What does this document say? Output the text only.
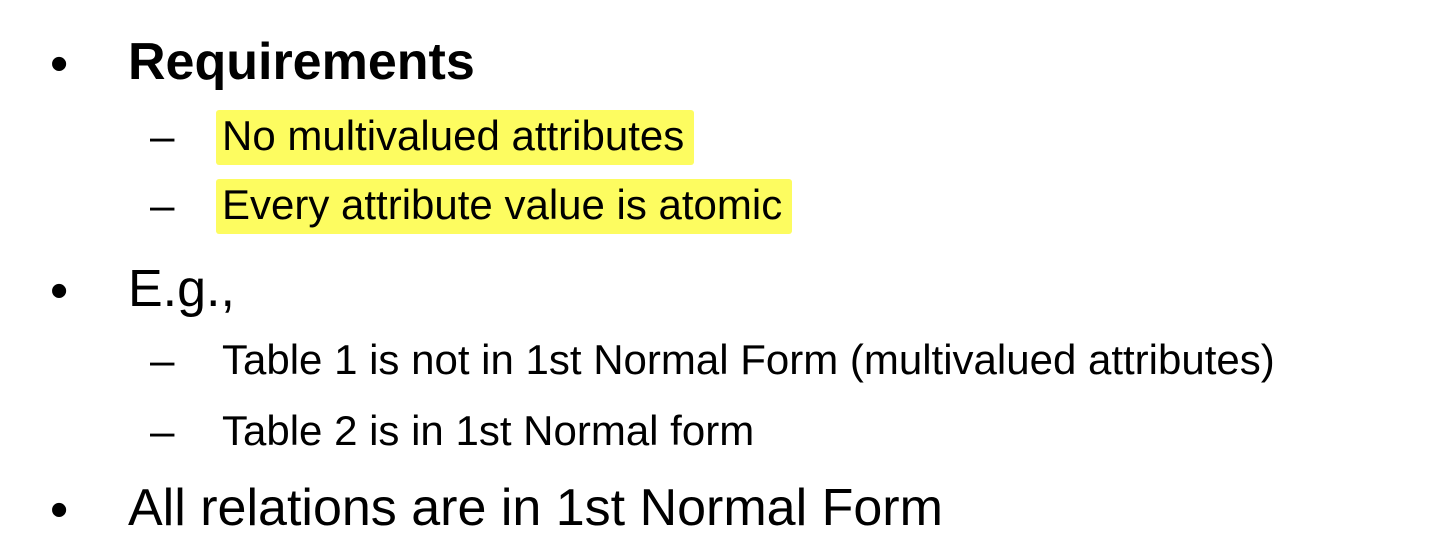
• Requirements
– No multivalued attributes
– Every attribute value is atomic
• E.g.,
– Table 1 is not in 1st Normal Form (multivalued attributes)
– Table 2 is in 1st Normal form
• All relations are in 1st Normal Form
